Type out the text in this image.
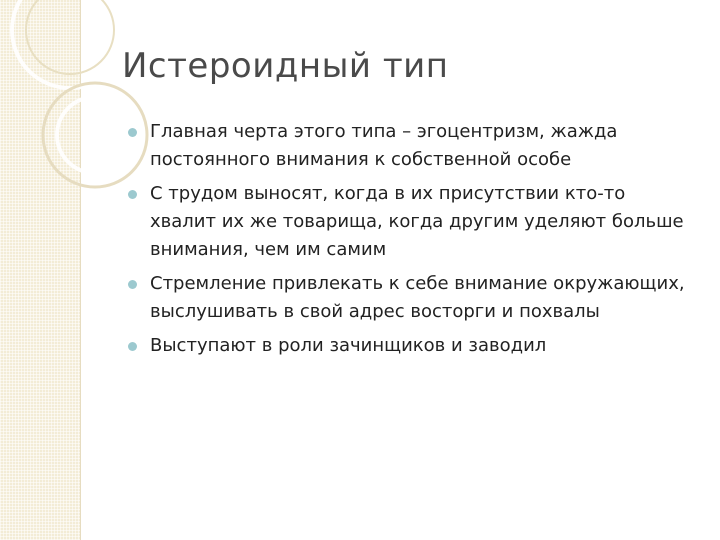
Истероидный тип
Главная черта этого типа – эгоцентризм, жажда постоянного внимания к собственной особе
С трудом выносят, когда в их присутствии кто-то хвалит их же товарища, когда другим уделяют больше внимания, чем им самим
Стремление привлекать к себе внимание окружающих, выслушивать в свой адрес восторги и похвалы
Выступают в роли зачинщиков и заводил
